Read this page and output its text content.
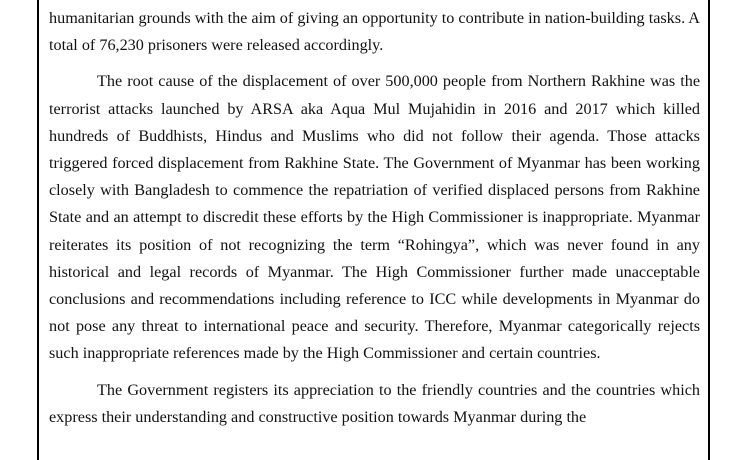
humanitarian grounds with the aim of giving an opportunity to contribute in nation-building tasks. A total of 76,230 prisoners were released accordingly.

The root cause of the displacement of over 500,000 people from Northern Rakhine was the terrorist attacks launched by ARSA aka Aqua Mul Mujahidin in 2016 and 2017 which killed hundreds of Buddhists, Hindus and Muslims who did not follow their agenda. Those attacks triggered forced displacement from Rakhine State. The Government of Myanmar has been working closely with Bangladesh to commence the repatriation of verified displaced persons from Rakhine State and an attempt to discredit these efforts by the High Commissioner is inappropriate. Myanmar reiterates its position of not recognizing the term “Rohingya”, which was never found in any historical and legal records of Myanmar. The High Commissioner further made unacceptable conclusions and recommendations including reference to ICC while developments in Myanmar do not pose any threat to international peace and security. Therefore, Myanmar categorically rejects such inappropriate references made by the High Commissioner and certain countries.

The Government registers its appreciation to the friendly countries and the countries which express their understanding and constructive position towards Myanmar during the
